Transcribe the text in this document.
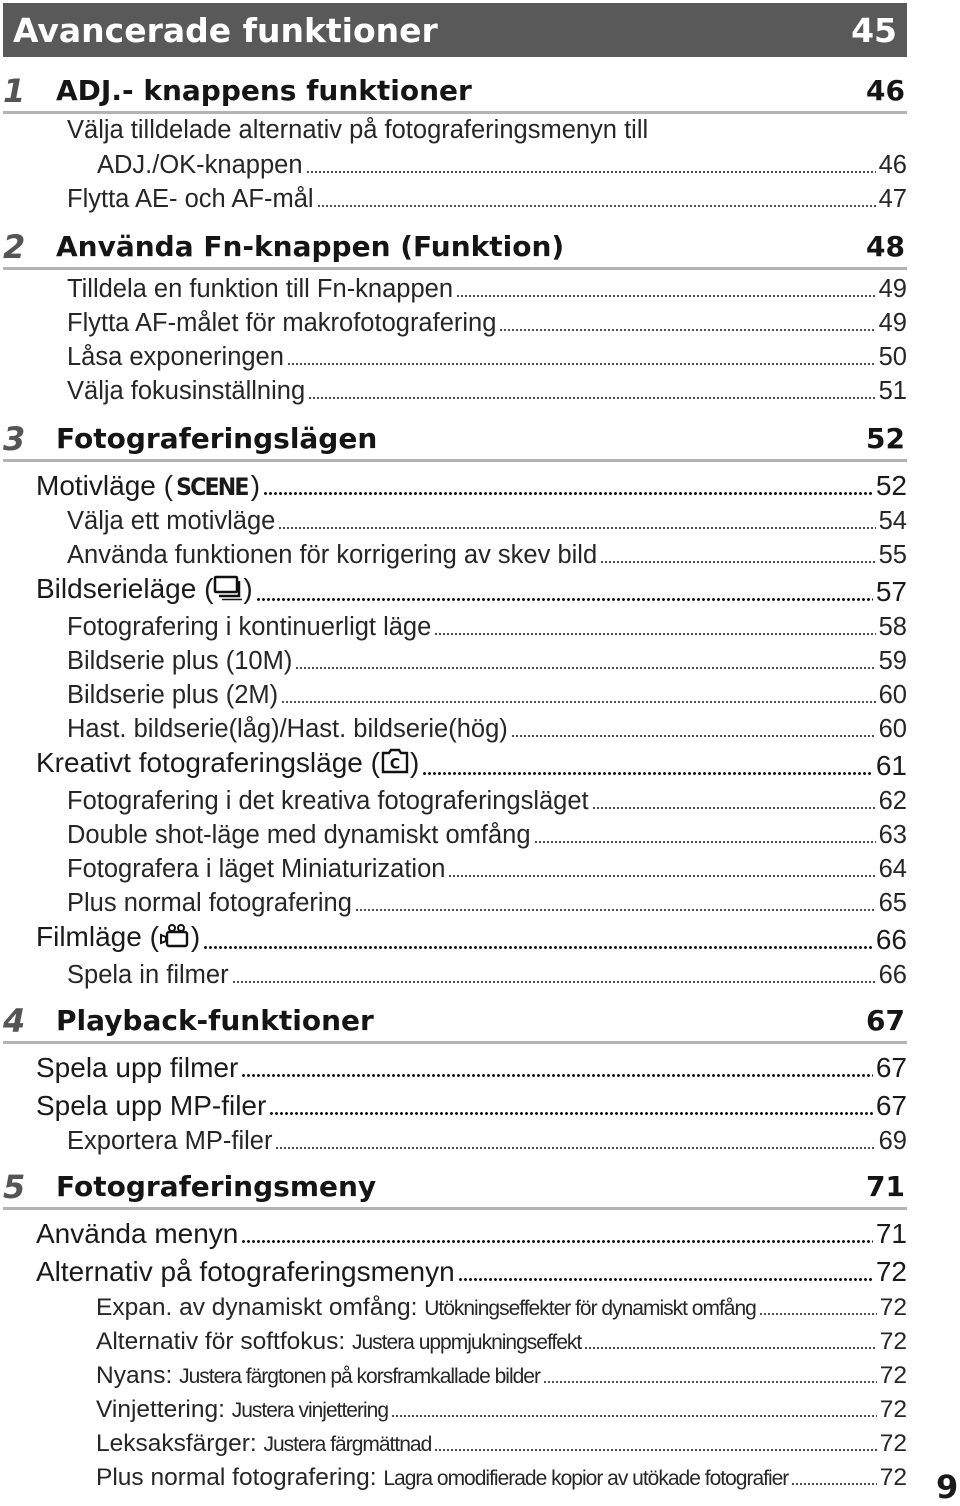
Avancerade funktioner	45
1	ADJ.- knappens funktioner	46
Välja tilldelade alternativ på fotograferingsmenyn till
ADJ./OK-knappen	46
Flytta AE- och AF-mål	47
2	Använda Fn-knappen (Funktion)	48
Tilldela en funktion till Fn-knappen	49
Flytta AF-målet för makrofotografering	49
Låsa exponeringen	50
Välja fokusinställning	51
3	Fotograferingslägen	52
Motivläge ( SCENE )	52
Välja ett motivläge	54
Använda funktionen för korrigering av skev bild	55
Bildserieläge ( )	57
Fotografering i kontinuerligt läge	58
Bildserie plus (10M)	59
Bildserie plus (2M)	60
Hast. bildserie(låg)/Hast. bildserie(hög)	60
Kreativt fotograferingsläge ( C )	61
Fotografering i det kreativa fotograferingsläget	62
Double shot-läge med dynamiskt omfång	63
Fotografera i läget Miniaturization	64
Plus normal fotografering	65
Filmläge ( )	66
Spela in filmer	66
4	Playback-funktioner	67
Spela upp filmer	67
Spela upp MP-filer	67
Exportera MP-filer	69
5	Fotograferingsmeny	71
Använda menyn	71
Alternativ på fotograferingsmenyn	72
Expan. av dynamiskt omfång: Utökningseffekter för dynamiskt omfång	72
Alternativ för softfokus: Justera uppmjukningseffekt	72
Nyans: Justera färgtonen på korsframkallade bilder	72
Vinjettering: Justera vinjettering	72
Leksaksfärger: Justera färgmättnad	72
Plus normal fotografering: Lagra omodifierade kopior av utökade fotografier	72 9
